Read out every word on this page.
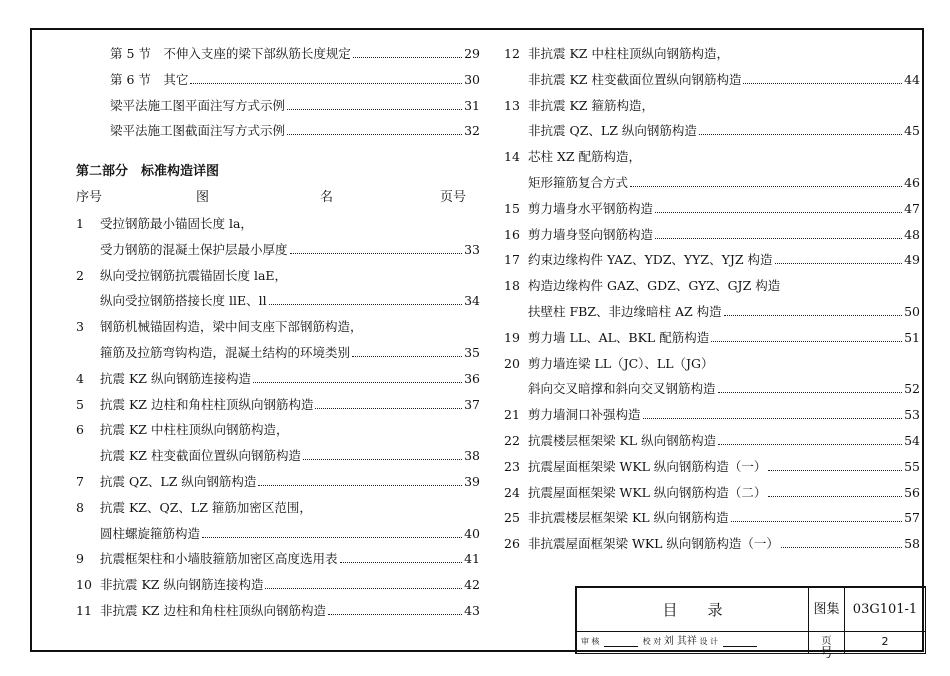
第 5 节　不伸入支座的梁下部纵筋长度规定	29
第 6 节　其它	30
梁平法施工图平面注写方式示例	31
梁平法施工图截面注写方式示例	32
1	受拉钢筋最小锚固长度 la，
受力钢筋的混凝土保护层最小厚度	33
2	纵向受拉钢筋抗震锚固长度 laE，
纵向受拉钢筋搭接长度 llE、ll	34
3	钢筋机械锚固构造，梁中间支座下部钢筋构造，
箍筋及拉筋弯钩构造，混凝土结构的环境类别	35
4	抗震 KZ 纵向钢筋连接构造	36
5	抗震 KZ 边柱和角柱柱顶纵向钢筋构造	37
6	抗震 KZ 中柱柱顶纵向钢筋构造，
抗震 KZ 柱变截面位置纵向钢筋构造	38
7	抗震 QZ、LZ 纵向钢筋构造	39
8	抗震 KZ、QZ、LZ 箍筋加密区范围，
圆柱螺旋箍筋构造	40
9	抗震框架柱和小墙肢箍筋加密区高度选用表	41
10 非抗震 KZ 纵向钢筋连接构造	42
11 非抗震 KZ 边柱和角柱柱顶纵向钢筋构造	43
第二部分　标准构造详图
序号	图	名	页号
12 非抗震 KZ 中柱柱顶纵向钢筋构造，
非抗震 KZ 柱变截面位置纵向钢筋构造	44
13 非抗震 KZ 箍筋构造，
非抗震 QZ、LZ 纵向钢筋构造	45
14 芯柱 XZ 配筋构造，
矩形箍筋复合方式	46
15 剪力墙身水平钢筋构造	47
16 剪力墙身竖向钢筋构造	48
17 约束边缘构件 YAZ、YDZ、YYZ、YJZ 构造	49
18 构造边缘构件 GAZ、GDZ、GYZ、GJZ 构造
扶壁柱 FBZ、非边缘暗柱 AZ 构造	50
19 剪力墙 LL、AL、BKL 配筋构造	51
20 剪力墙连梁 LL（JC）、LL（JG）
斜向交叉暗撑和斜向交叉钢筋构造	52
21 剪力墙洞口补强构造	53
22 抗震楼层框架梁 KL 纵向钢筋构造	54
23 抗震屋面框架梁 WKL 纵向钢筋构造（一）	55
24 抗震屋面框架梁 WKL 纵向钢筋构造（二）	56
25 非抗震楼层框架梁 KL 纵向钢筋构造	57
26 非抗震屋面框架梁 WKL 纵向钢筋构造（一）	58
目　　录	图集号
03G101-1
审 核	校 对 刘 其祥 设 计	页	2
